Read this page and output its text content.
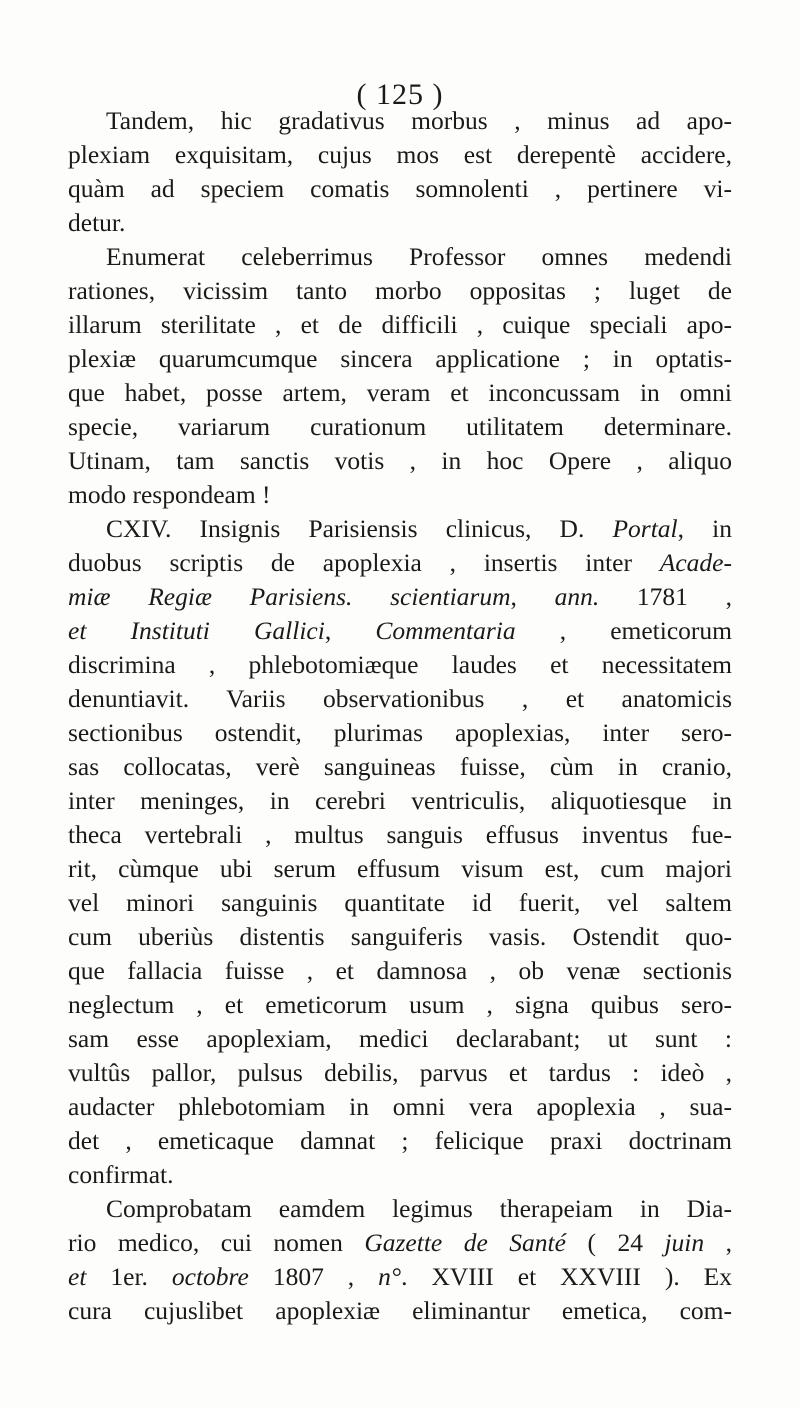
( 125 )
Tandem, hic gradativus morbus , minus ad apo-
plexiam exquisitam, cujus mos est derepentè accidere,
quàm ad speciem comatis somnolenti , pertinere vi-
detur.
Enumerat celeberrimus Professor omnes medendi
rationes, vicissim tanto morbo oppositas ; luget de
illarum sterilitate , et de difficili , cuique speciali apo-
plexiæ quarumcumque sincera applicatione ; in optatis-
que habet, posse artem, veram et inconcussam in omni
specie, variarum curationum utilitatem determinare.
Utinam, tam sanctis votis , in hoc Opere , aliquo
modo respondeam !
CXIV. Insignis Parisiensis clinicus, D. Portal, in
duobus scriptis de apoplexia , insertis inter Acade-
miæ Regiæ Parisiens. scientiarum, ann. 1781 ,
et Instituti Gallici, Commentaria , emeticorum
discrimina , phlebotomiæque laudes et necessitatem
denuntiavit. Variis observationibus , et anatomicis
sectionibus ostendit, plurimas apoplexias, inter sero-
sas collocatas, verè sanguineas fuisse, cùm in cranio,
inter meninges, in cerebri ventriculis, aliquotiesque in
theca vertebrali , multus sanguis effusus inventus fue-
rit, cùmque ubi serum effusum visum est, cum majori
vel minori sanguinis quantitate id fuerit, vel saltem
cum uberiùs distentis sanguiferis vasis. Ostendit quo-
que fallacia fuisse , et damnosa , ob venæ sectionis
neglectum , et emeticorum usum , signa quibus sero-
sam esse apoplexiam, medici declarabant; ut sunt :
vultûs pallor, pulsus debilis, parvus et tardus : ideò ,
audacter phlebotomiam in omni vera apoplexia , sua-
det , emeticaque damnat ; felicique praxi doctrinam
confirmat.
Comprobatam eamdem legimus therapeiam in Dia-
rio medico, cui nomen Gazette de Santé ( 24 juin ,
et 1er. octobre 1807 , n°. XVIII et XXVIII ). Ex
cura cujuslibet apoplexiæ eliminantur emetica, com-
